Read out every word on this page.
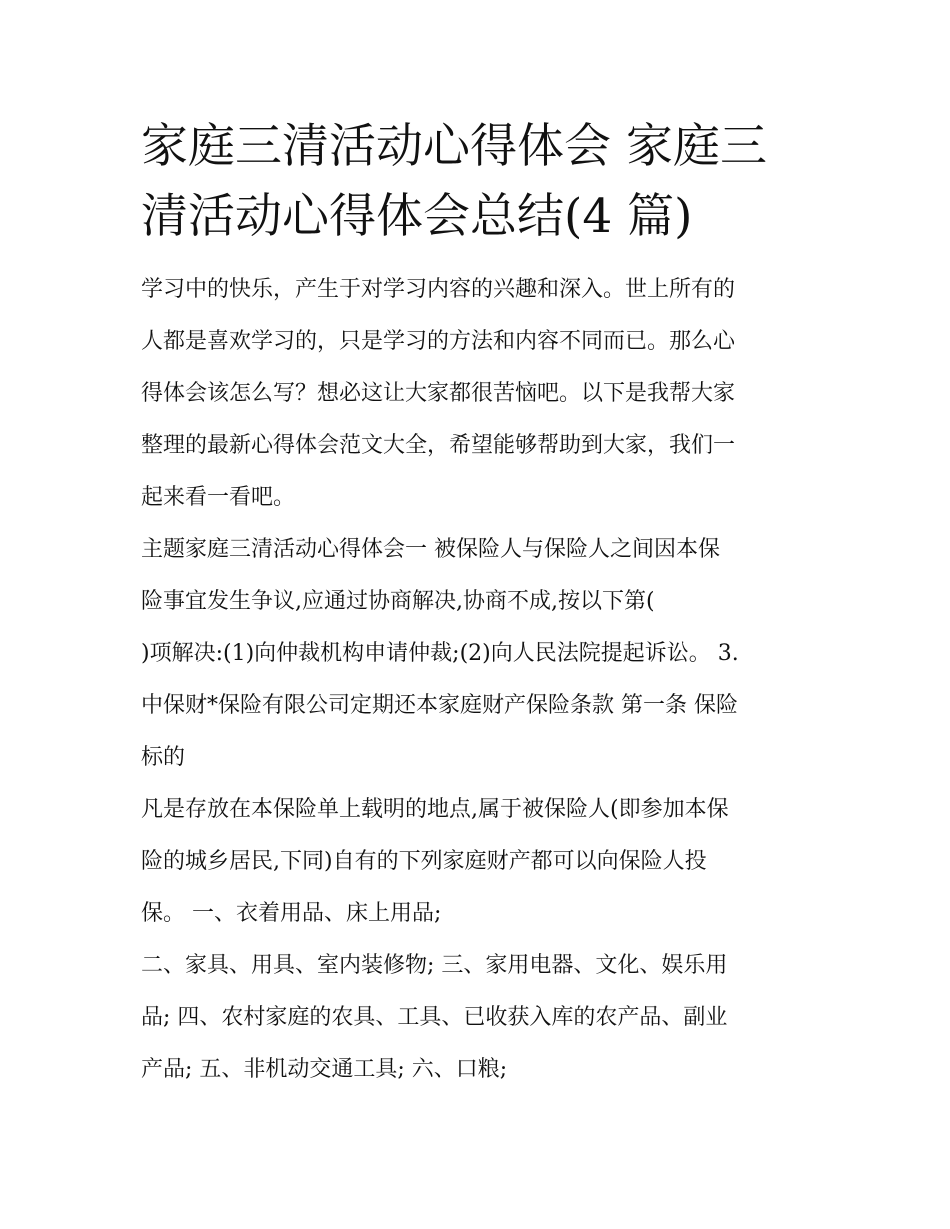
家庭三清活动心得体会 家庭三
清活动心得体会总结(4 篇)

学习中的快乐，产生于对学习内容的兴趣和深入。世上所有的
人都是喜欢学习的，只是学习的方法和内容不同而已。那么心
得体会该怎么写？想必这让大家都很苦恼吧。以下是我帮大家
整理的最新心得体会范文大全，希望能够帮助到大家，我们一
起来看一看吧。

主题家庭三清活动心得体会一 被保险人与保险人之间因本保
险事宜发生争议,应通过协商解决,协商不成,按以下第(
)项解决:(1)向仲裁机构申请仲裁;(2)向人民法院提起诉讼。 3.
中保财*保险有限公司定期还本家庭财产保险条款 第一条 保险
标的
凡是存放在本保险单上载明的地点,属于被保险人(即参加本保
险的城乡居民,下同)自有的下列家庭财产都可以向保险人投
保。 一、衣着用品、床上用品;
二、家具、用具、室内装修物; 三、家用电器、文化、娱乐用
品; 四、农村家庭的农具、工具、已收获入库的农产品、副业
产品; 五、非机动交通工具; 六、口粮;
